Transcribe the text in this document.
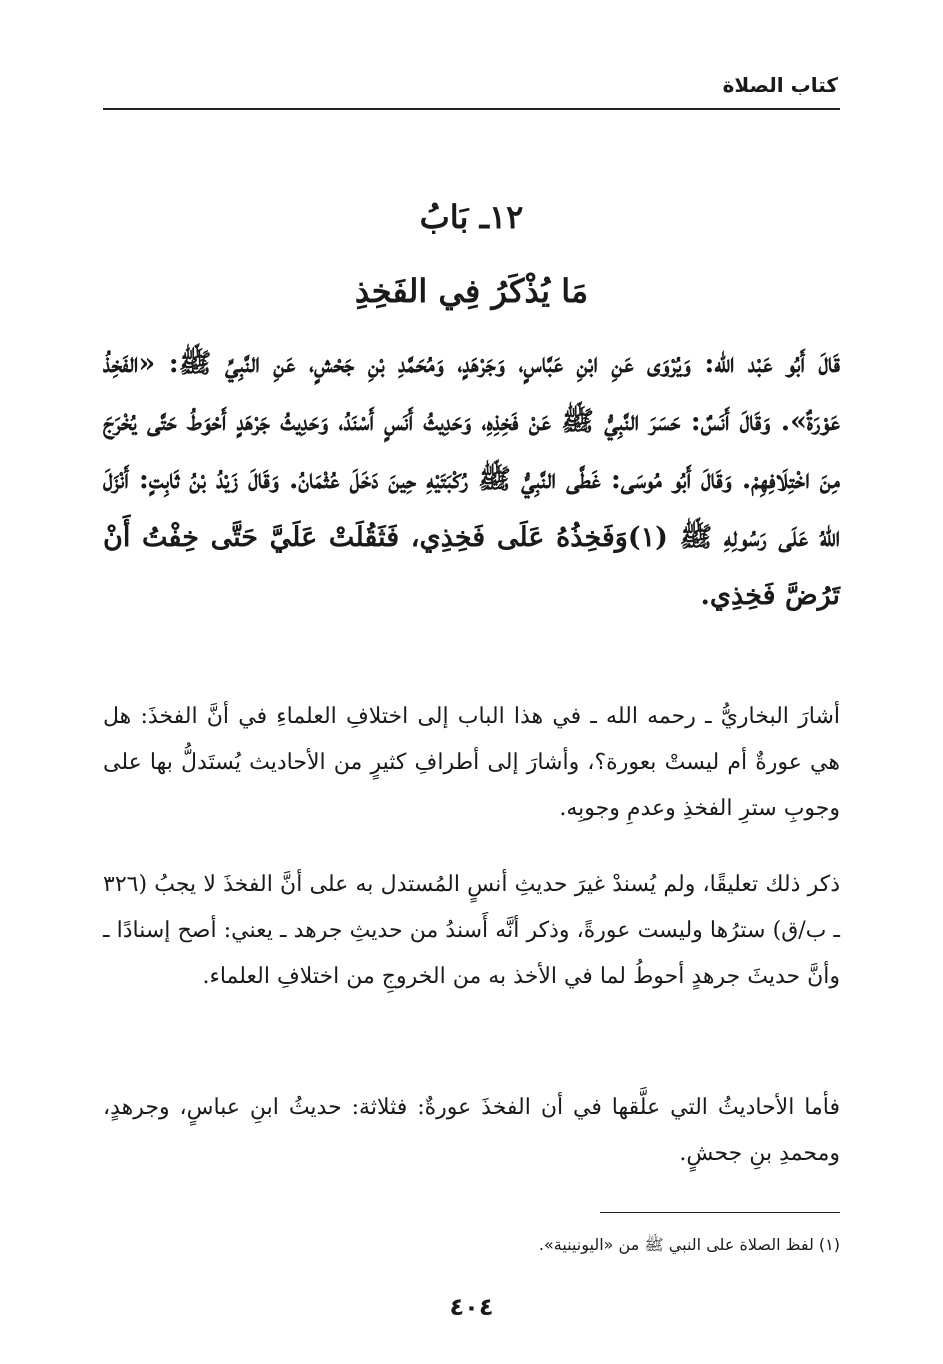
كتاب الصلاة
١٢ـ بَابُ
مَا يُذْكَرُ فِي الفَخِذِ

قَالَ أَبُو عَبْد الله: وَيُرْوَى عَنِ ابْنِ عَبَّاسٍ، وَجَرْهَدٍ، وَمُحَمَّدِ بْنِ جَحْشٍ، عَنِ النَّبِيِّ ﷺ: «الفَخِذُ عَوْرَةٌ». وَقَالَ أَنَسٌ: حَسَرَ النَّبِيُّ ﷺ عَنْ فَخِذِهِ، وَحَدِيثُ أَنَسٍ أَسْنَدُ، وَحَدِيثُ جَرْهَدٍ أَحْوَطُ حَتَّى يُخْرَجَ مِنَ اخْتِلَافِهِمْ. وَقَالَ أَبُو مُوسَى: غَطَّى النَّبِيُّ ﷺ رُكْبَتَيْهِ حِينَ دَخَلَ عُثْمَانُ. وَقَالَ زَيْدُ بْنُ ثَابِتٍ: أَنْزَلَ اللهُ عَلَى رَسُولِهِ ﷺ (١)وَفَخِذُهُ عَلَى فَخِذِي، فَثَقُلَتْ عَلَيَّ حَتَّى خِفْتُ أَنْ تَرُضَّ فَخِذِي.

أشارَ البخاريُّ ـ رحمه الله ـ في هذا الباب إلى اختلافِ العلماءِ في أنَّ الفخذَ: هل هي عورةٌ أم ليستْ بعورة؟، وأشارَ إلى أطرافِ كثيرٍ من الأحاديث يُستَدلُّ بها على وجوبِ سترِ الفخذِ وعدمِ وجوبِه.

ذكر ذلك تعليقًا، ولم يُسندْ غيرَ حديثِ أنسٍ المُستدل به على أنَّ الفخذَ لا يجبُ (٣٢٦ ـ ب/ق) سترُها وليست عورةً، وذكر أنَّه أَسندُ من حديثِ جرهد ـ يعني: أصح إسنادًا ـ وأنَّ حديثَ جرهدٍ أحوطُ لما في الأخذ به من الخروجِ من اختلافِ العلماء.

فأما الأحاديثُ التي علَّقها في أن الفخذَ عورةٌ: فثلاثة: حديثُ ابنِ عباسٍ، وجرهدٍ، ومحمدِ بنِ جحشٍ.

(١) لفظ الصلاة على النبي ﷺ من «اليونينية».
٤٠٤
